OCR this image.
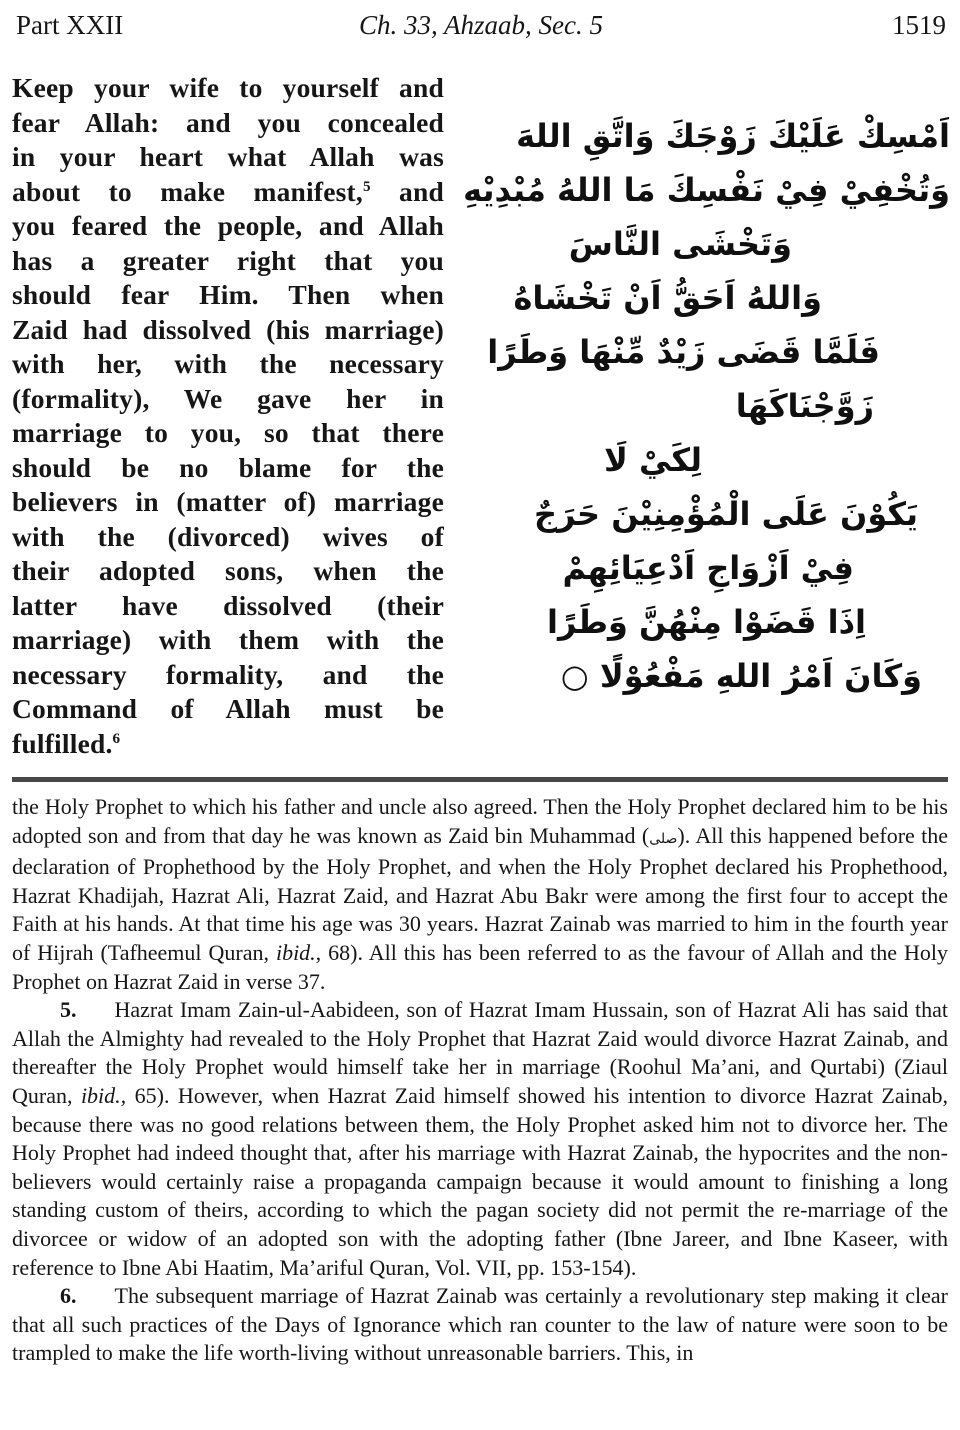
Part XXII	Ch. 33, Ahzaab, Sec. 5	1519
Keep your wife to yourself and
fear Allah: and you concealed
in your heart what Allah was
about to make manifest,$^5$ and
you feared the people, and Allah
has a greater right that you
should fear Him. Then when
Zaid had dissolved (his marriage)
with her, with the necessary
(formality), We gave her in
marriage to you, so that there
should be no blame for the
believers in (matter of) marriage
with the (divorced) wives of
their adopted sons, when the
latter have dissolved (their
marriage) with them with the
necessary formality, and the
Command of Allah must be
fulfilled.$^6$
اَمْسِكْ عَلَيْكَ زَوْجَكَ وَاتَّقِ اللهَ
وَتُخْفِيْ فِيْ نَفْسِكَ مَا اللهُ مُبْدِيْهِ
وَتَخْشَى النَّاسَ
وَاللهُ اَحَقُّ اَنْ تَخْشَاهُ
فَلَمَّا قَضَى زَيْدٌ مِّنْهَا وَطَرًا
زَوَّجْنَاكَهَا
لِكَيْ لَا
يَكُوْنَ عَلَى الْمُؤْمِنِيْنَ حَرَجٌ
فِيْ اَزْوَاجِ اَدْعِيَائِهِمْ
اِذَا قَضَوْا مِنْهُنَّ وَطَرًا
وَكَانَ اَمْرُ اللهِ مَفْعُوْلًا ○

the Holy Prophet to which his father and uncle also agreed. Then the Holy Prophet declared him to be his adopted son and from that day he was known as Zaid bin Muhammad (صلى). All this happened before the declaration of Prophethood by the Holy Prophet, and when the Holy Prophet declared his Prophethood, Hazrat Khadijah, Hazrat Ali, Hazrat Zaid, and Hazrat Abu Bakr were among the first four to accept the Faith at his hands. At that time his age was 30 years. Hazrat Zainab was married to him in the fourth year of Hijrah (Tafheemul Quran, ibid., 68). All this has been referred to as the favour of Allah and the Holy Prophet on Hazrat Zaid in verse 37.

5. Hazrat Imam Zain-ul-Aabideen, son of Hazrat Imam Hussain, son of Hazrat Ali has said that Allah the Almighty had revealed to the Holy Prophet that Hazrat Zaid would divorce Hazrat Zainab, and thereafter the Holy Prophet would himself take her in marriage (Roohul Ma’ani, and Qurtabi) (Ziaul Quran, ibid., 65). However, when Hazrat Zaid himself showed his intention to divorce Hazrat Zainab, because there was no good relations between them, the Holy Prophet asked him not to divorce her. The Holy Prophet had indeed thought that, after his marriage with Hazrat Zainab, the hypocrites and the non-believers would certainly raise a propaganda campaign because it would amount to finishing a long standing custom of theirs, according to which the pagan society did not permit the re-marriage of the divorcee or widow of an adopted son with the adopting father (Ibne Jareer, and Ibne Kaseer, with reference to Ibne Abi Haatim, Ma’ariful Quran, Vol. VII, pp. 153-154).

6. The subsequent marriage of Hazrat Zainab was certainly a revolutionary step making it clear that all such practices of the Days of Ignorance which ran counter to the law of nature were soon to be trampled to make the life worth-living without unreasonable barriers. This, in
